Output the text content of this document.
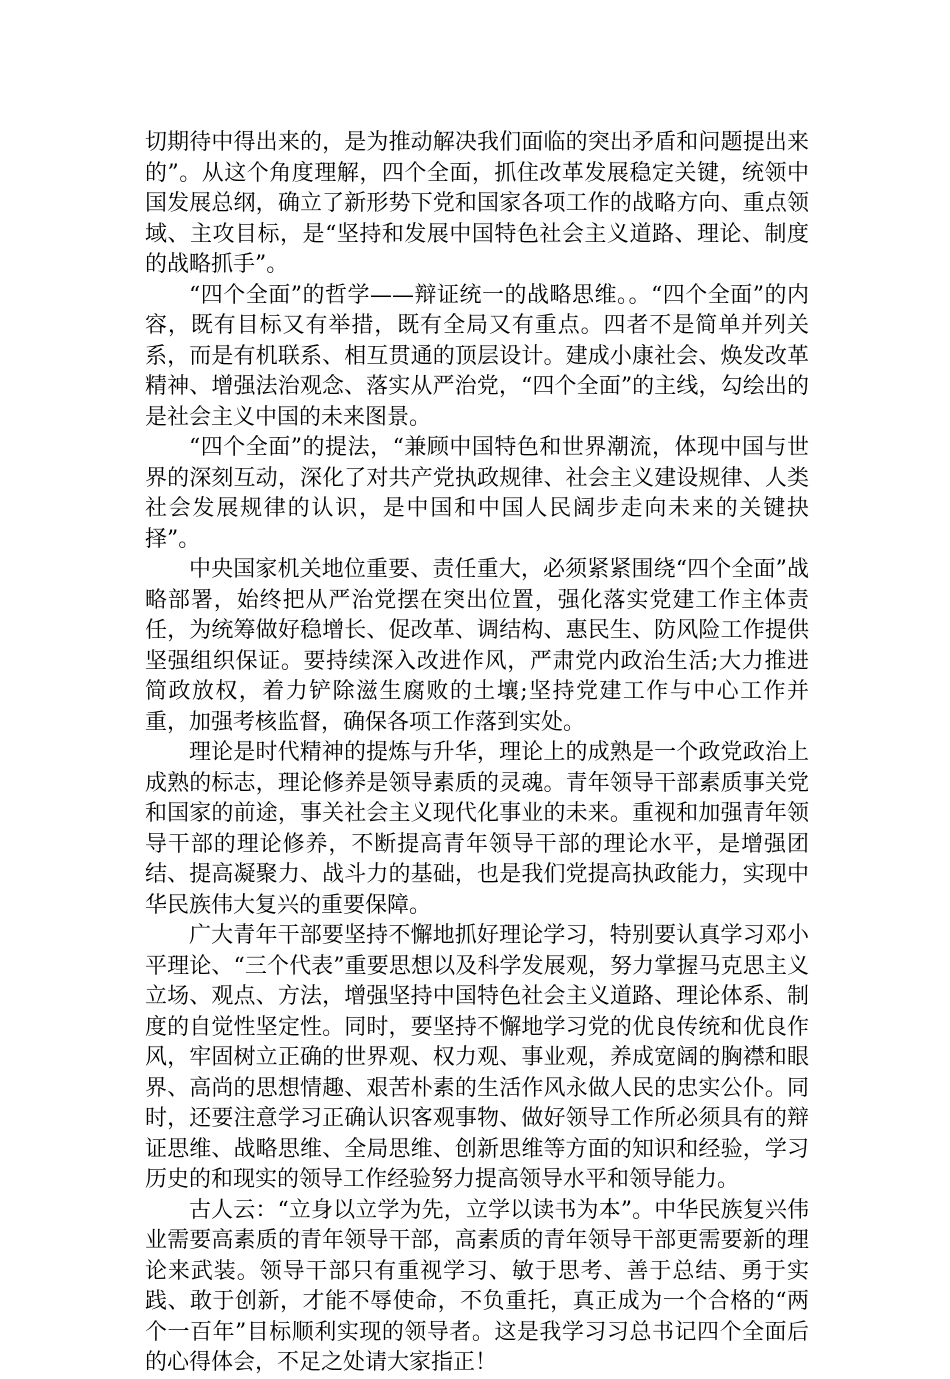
切期待中得出来的，是为推动解决我们面临的突出矛盾和问题提出来的”。从这个角度理解，四个全面，抓住改革发展稳定关键，统领中国发展总纲，确立了新形势下党和国家各项工作的战略方向、重点领域、主攻目标，是“坚持和发展中国特色社会主义道路、理论、制度的战略抓手”。

“四个全面”的哲学——辩证统一的战略思维。。“四个全面”的内容，既有目标又有举措，既有全局又有重点。四者不是简单并列关系，而是有机联系、相互贯通的顶层设计。建成小康社会、焕发改革精神、增强法治观念、落实从严治党，“四个全面”的主线，勾绘出的是社会主义中国的未来图景。

“四个全面”的提法，“兼顾中国特色和世界潮流，体现中国与世界的深刻互动，深化了对共产党执政规律、社会主义建设规律、人类社会发展规律的认识，是中国和中国人民阔步走向未来的关键抉择”。

中央国家机关地位重要、责任重大，必须紧紧围绕“四个全面”战略部署，始终把从严治党摆在突出位置，强化落实党建工作主体责任，为统筹做好稳增长、促改革、调结构、惠民生、防风险工作提供坚强组织保证。要持续深入改进作风，严肃党内政治生活;大力推进简政放权，着力铲除滋生腐败的土壤;坚持党建工作与中心工作并重，加强考核监督，确保各项工作落到实处。

理论是时代精神的提炼与升华，理论上的成熟是一个政党政治上成熟的标志，理论修养是领导素质的灵魂。青年领导干部素质事关党和国家的前途，事关社会主义现代化事业的未来。重视和加强青年领导干部的理论修养，不断提高青年领导干部的理论水平，是增强团结、提高凝聚力、战斗力的基础，也是我们党提高执政能力，实现中华民族伟大复兴的重要保障。

广大青年干部要坚持不懈地抓好理论学习，特别要认真学习邓小平理论、“三个代表”重要思想以及科学发展观，努力掌握马克思主义立场、观点、方法，增强坚持中国特色社会主义道路、理论体系、制度的自觉性坚定性。同时，要坚持不懈地学习党的优良传统和优良作风，牢固树立正确的世界观、权力观、事业观，养成宽阔的胸襟和眼界、高尚的思想情趣、艰苦朴素的生活作风永做人民的忠实公仆。同时，还要注意学习正确认识客观事物、做好领导工作所必须具有的辩证思维、战略思维、全局思维、创新思维等方面的知识和经验，学习历史的和现实的领导工作经验努力提高领导水平和领导能力。

古人云：“立身以立学为先，立学以读书为本”。中华民族复兴伟业需要高素质的青年领导干部，高素质的青年领导干部更需要新的理论来武装。领导干部只有重视学习、敏于思考、善于总结、勇于实践、敢于创新，才能不辱使命，不负重托，真正成为一个合格的“两个一百年”目标顺利实现的领导者。这是我学习习总书记四个全面后的心得体会，不足之处请大家指正！
